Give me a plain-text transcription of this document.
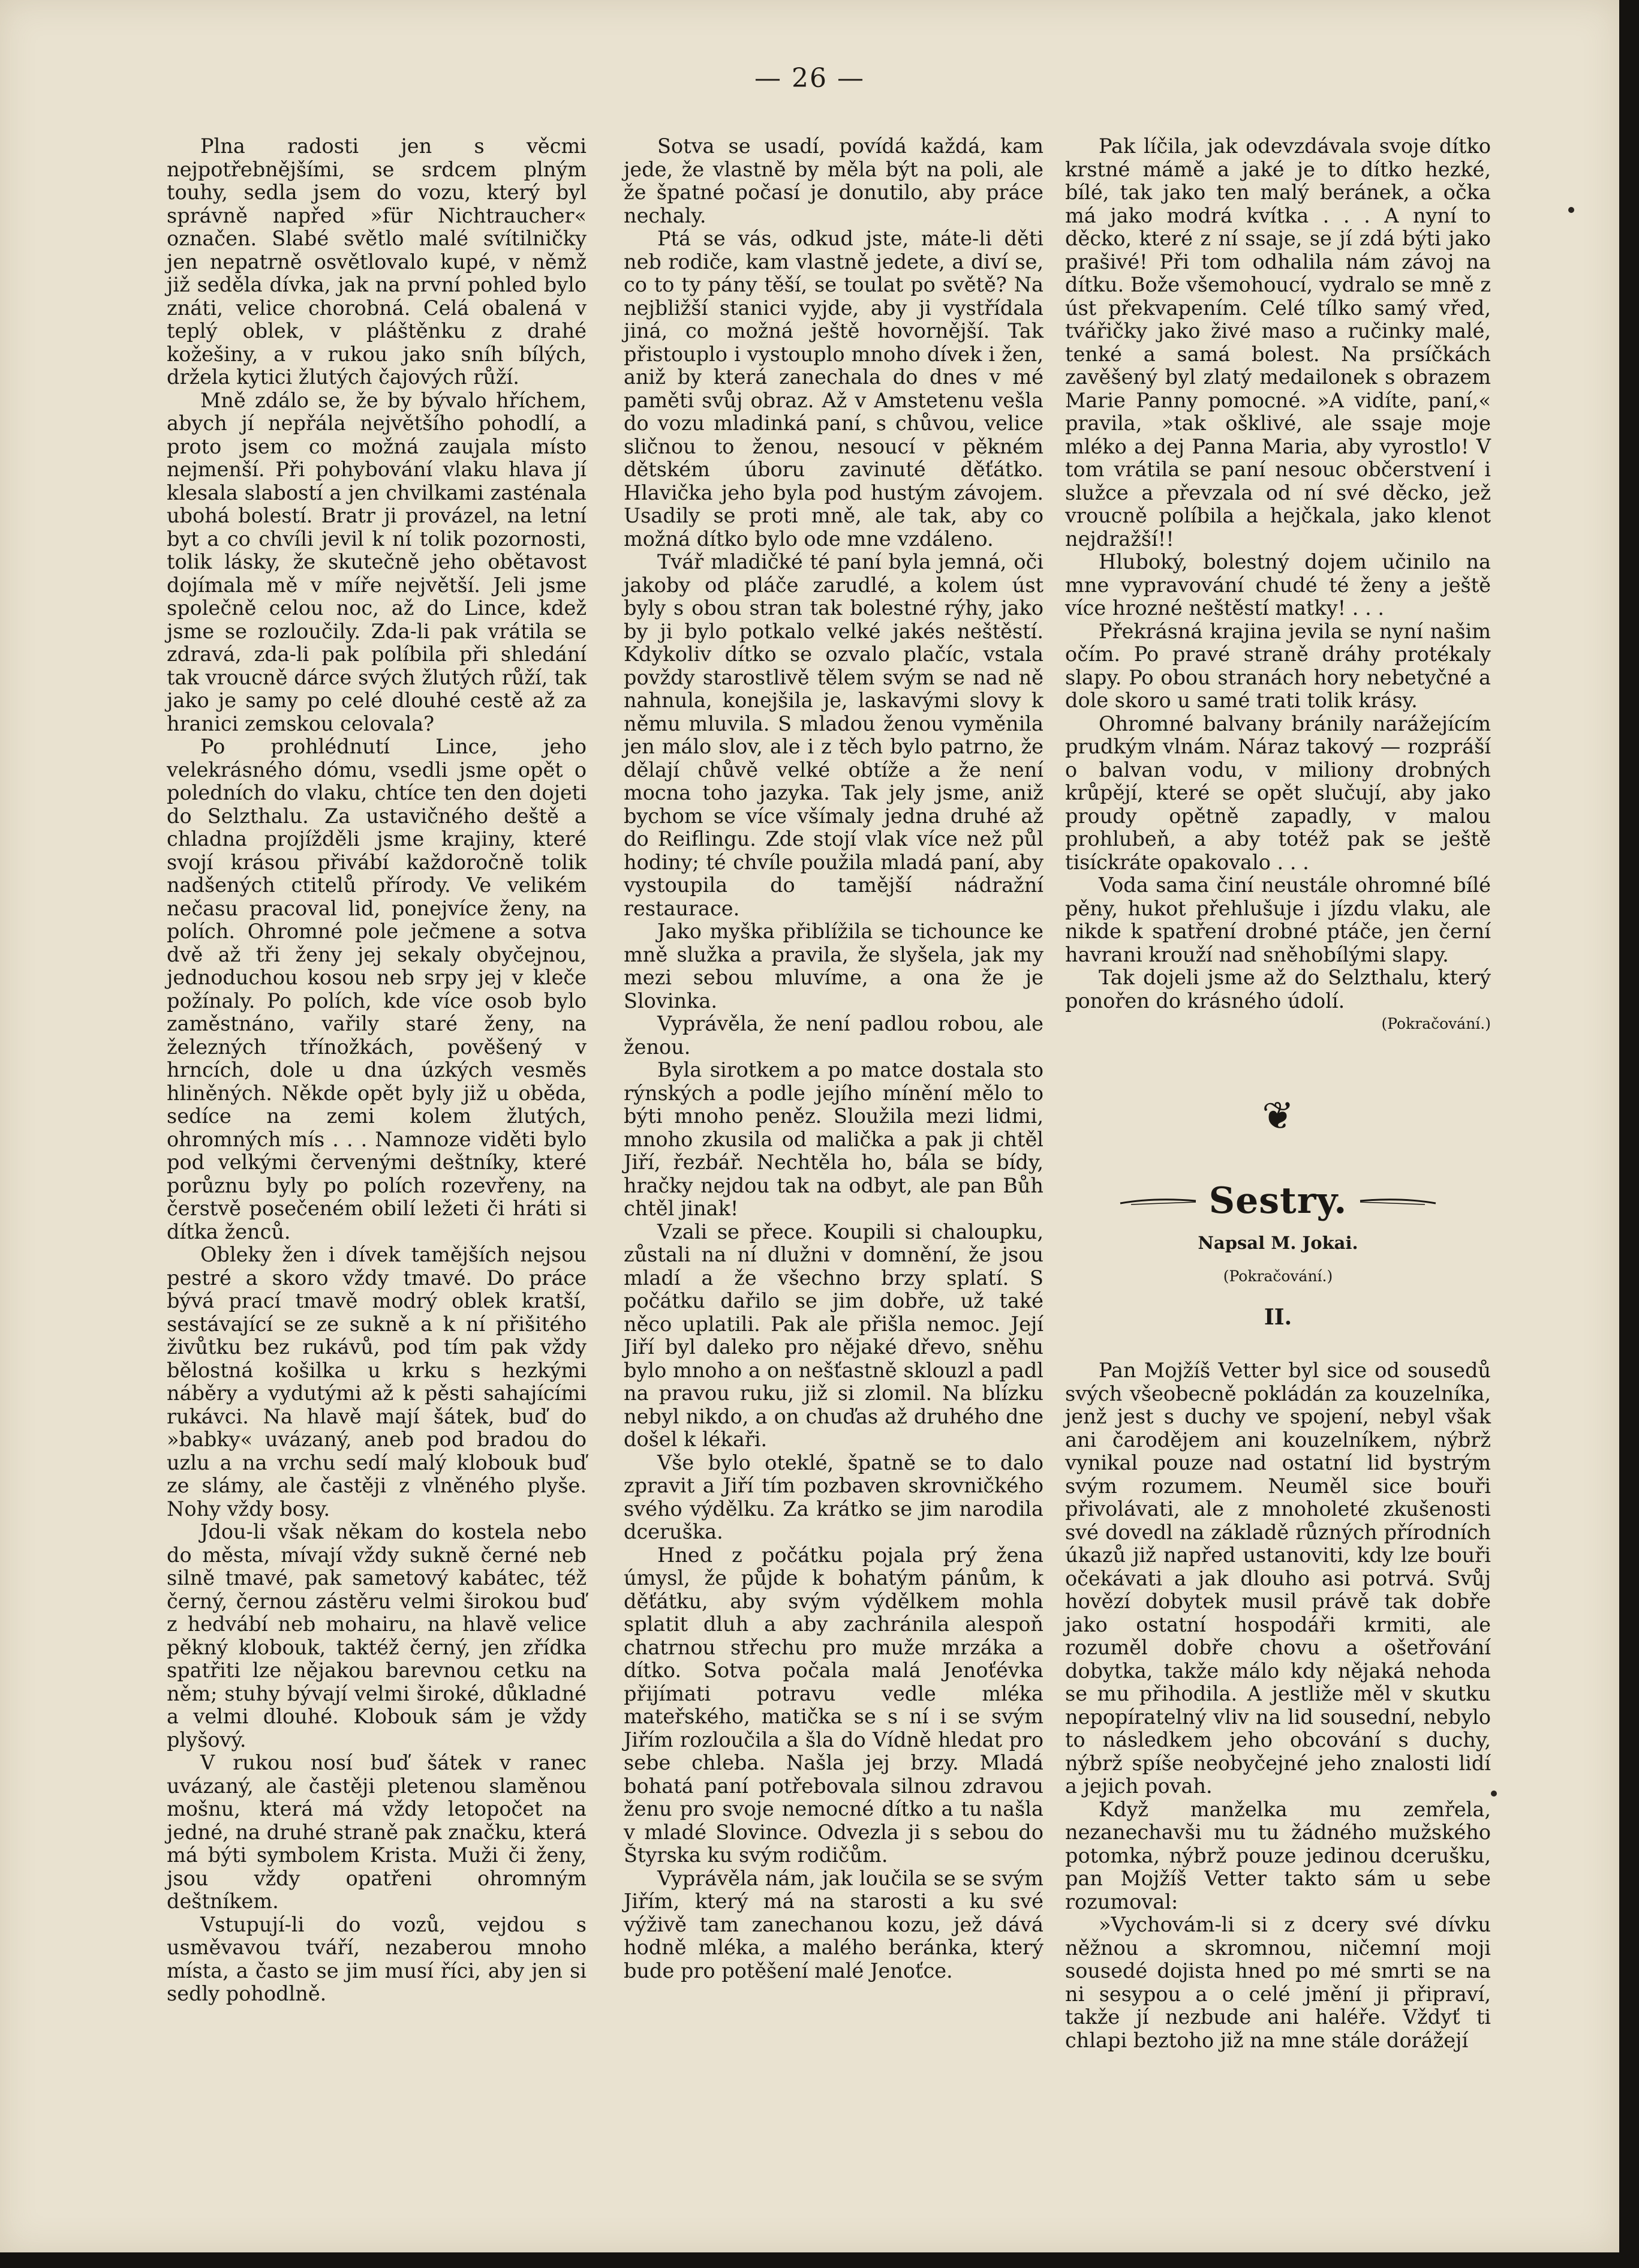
— 26 —

Plna radosti jen s věcmi nejpotřebnějšími, se srdcem plným touhy, sedla jsem do vozu, který byl správně napřed »für Nichtraucher« označen. Slabé světlo malé svítilničky jen nepatrně osvětlovalo kupé, v němž již seděla dívka, jak na první pohled bylo znáti, velice chorobná. Celá obalená v teplý oblek, v pláštěnku z drahé kožešiny, a v rukou jako sníh bílých, držela kytici žlutých čajových růží.

Mně zdálo se, že by bývalo hříchem, abych jí nepřála největšího pohodlí, a proto jsem co možná zaujala místo nejmenší. Při pohybování vlaku hlava jí klesala slabostí a jen chvilkami zasténala ubohá bolestí. Bratr ji provázel, na letní byt a co chvíli jevil k ní tolik pozornosti, tolik lásky, že skutečně jeho obětavost dojímala mě v míře největší. Jeli jsme společně celou noc, až do Lince, kdež jsme se rozloučily. Zda-li pak vrátila se zdravá, zda-li pak políbila při shledání tak vroucně dárce svých žlutých růží, tak jako je samy po celé dlouhé cestě až za hranici zemskou celovala?

Po prohlédnutí Lince, jeho velekrásného dómu, vsedli jsme opět o poledních do vlaku, chtíce ten den dojeti do Selzthalu. Za ustavičného deště a chladna projížděli jsme krajiny, které svojí krásou přivábí každoročně tolik nadšených ctitelů přírody. Ve velikém nečasu pracoval lid, ponejvíce ženy, na polích. Ohromné pole ječmene a sotva dvě až tři ženy jej sekaly obyčejnou, jednoduchou kosou neb srpy jej v kleče požínaly. Po polích, kde více osob bylo zaměstnáno, vařily staré ženy, na železných třínožkách, pověšený v hrncích, dole u dna úzkých vesměs hliněných. Někde opět byly již u oběda, sedíce na zemi kolem žlutých, ohromných mís . . . Namnoze viděti bylo pod velkými červenými deštníky, které porůznu byly po polích rozevřeny, na čerstvě posečeném obilí ležeti či hráti si dítka ženců.

Obleky žen i dívek tamějších nejsou pestré a skoro vždy tmavé. Do práce bývá prací tmavě modrý oblek kratší, sestávající se ze sukně a k ní přišitého živůtku bez rukávů, pod tím pak vždy bělostná košilka u krku s hezkými náběry a vydutými až k pěsti sahajícími rukávci. Na hlavě mají šátek, buď do »babky« uvázaný, aneb pod bradou do uzlu a na vrchu sedí malý klobouk buď ze slámy, ale častěji z vlněného plyše. Nohy vždy bosy.

Jdou-li však někam do kostela nebo do města, mívají vždy sukně černé neb silně tmavé, pak sametový kabátec, též černý, černou zástěru velmi širokou buď z hedvábí neb mohairu, na hlavě velice pěkný klobouk, taktéž černý, jen zřídka spatřiti lze nějakou barevnou cetku na něm; stuhy bývají velmi široké, důkladné a velmi dlouhé. Klobouk sám je vždy plyšový.

V rukou nosí buď šátek v ranec uvázaný, ale častěji pletenou slaměnou mošnu, která má vždy letopočet na jedné, na druhé straně pak značku, která má býti symbolem Krista. Muži či ženy, jsou vždy opatřeni ohromným deštníkem.

Vstupují-li do vozů, vejdou s usměvavou tváří, nezaberou mnoho místa, a často se jim musí říci, aby jen si sedly pohodlně.

Sotva se usadí, povídá každá, kam jede, že vlastně by měla být na poli, ale že špatné počasí je donutilo, aby práce nechaly.

Ptá se vás, odkud jste, máte-li děti neb rodiče, kam vlastně jedete, a diví se, co to ty pány těší, se toulat po světě? Na nejbližší stanici vyjde, aby ji vystřídala jiná, co možná ještě hovornější. Tak přistouplo i vystouplo mnoho dívek i žen, aniž by která zanechala do dnes v mé paměti svůj obraz. Až v Amstetenu vešla do vozu mladinká paní, s chůvou, velice sličnou to ženou, nesoucí v pěkném dětském úboru zavinuté děťátko. Hlavička jeho byla pod hustým závojem. Usadily se proti mně, ale tak, aby co možná dítko bylo ode mne vzdáleno.

Tvář mladičké té paní byla jemná, oči jakoby od pláče zarudlé, a kolem úst byly s obou stran tak bolestné rýhy, jako by ji bylo potkalo velké jakés neštěstí. Kdykoliv dítko se ozvalo plačíc, vstala povždy starostlivě tělem svým se nad ně nahnula, konejšila je, laskavými slovy k němu mluvila. S mladou ženou vyměnila jen málo slov, ale i z těch bylo patrno, že dělají chůvě velké obtíže a že není mocna toho jazyka. Tak jely jsme, aniž bychom se více všímaly jedna druhé až do Reiflingu. Zde stojí vlak více než půl hodiny; té chvíle použila mladá paní, aby vystoupila do tamější nádražní restaurace.

Jako myška přiblížila se tichounce ke mně služka a pravila, že slyšela, jak my mezi sebou mluvíme, a ona že je Slovinka.

Vyprávěla, že není padlou robou, ale ženou.

Byla sirotkem a po matce dostala sto rýnských a podle jejího mínění mělo to býti mnoho peněz. Sloužila mezi lidmi, mnoho zkusila od malička a pak ji chtěl Jiří, řezbář. Nechtěla ho, bála se bídy, hračky nejdou tak na odbyt, ale pan Bůh chtěl jinak!

Vzali se přece. Koupili si chaloupku, zůstali na ní dlužni v domnění, že jsou mladí a že všechno brzy splatí. S počátku dařilo se jim dobře, už také něco uplatili. Pak ale přišla nemoc. Její Jiří byl daleko pro nějaké dřevo, sněhu bylo mnoho a on nešťastně sklouzl a padl na pravou ruku, již si zlomil. Na blízku nebyl nikdo, a on chuďas až druhého dne došel k lékaři.

Vše bylo oteklé, špatně se to dalo zpravit a Jiří tím pozbaven skrovničkého svého výdělku. Za krátko se jim narodila dceruška.

Hned z počátku pojala prý žena úmysl, že půjde k bohatým pánům, k děťátku, aby svým výdělkem mohla splatit dluh a aby zachránila alespoň chatrnou střechu pro muže mrzáka a dítko. Sotva počala malá Jenoťévka přijímati potravu vedle mléka mateřského, matička se s ní i se svým Jiřím rozloučila a šla do Vídně hledat pro sebe chleba. Našla jej brzy. Mladá bohatá paní potřebovala silnou zdravou ženu pro svoje nemocné dítko a tu našla v mladé Slovince. Odvezla ji s sebou do Štyrska ku svým rodičům.

Vyprávěla nám, jak loučila se se svým Jiřím, který má na starosti a ku své výživě tam zanechanou kozu, jež dává hodně mléka, a malého beránka, který bude pro potěšení malé Jenoťce.

Pak líčila, jak odevzdávala svoje dítko krstné mámě a jaké je to dítko hezké, bílé, tak jako ten malý beránek, a očka má jako modrá kvítka . . . A nyní to děcko, které z ní ssaje, se jí zdá býti jako prašivé! Při tom odhalila nám závoj na dítku. Bože všemohoucí, vydralo se mně z úst překvapením. Celé tílko samý vřed, tvářičky jako živé maso a ručinky malé, tenké a samá bolest. Na prsíčkách zavěšený byl zlatý medailonek s obrazem Marie Panny pomocné. »A vidíte, paní,« pravila, »tak ošklivé, ale ssaje moje mléko a dej Panna Maria, aby vyrostlo! V tom vrátila se paní nesouc občerstvení i služce a převzala od ní své děcko, jež vroucně políbila a hejčkala, jako klenot nejdražší!!

Hluboký, bolestný dojem učinilo na mne vypravování chudé té ženy a ještě více hrozné neštěstí matky! . . .

Překrásná krajina jevila se nyní našim očím. Po pravé straně dráhy protékaly slapy. Po obou stranách hory nebetyčné a dole skoro u samé trati tolik krásy.

Ohromné balvany bránily narážejícím prudkým vlnám. Náraz takový — rozpráší o balvan vodu, v miliony drobných krůpějí, které se opět slučují, aby jako proudy opětně zapadly, v malou prohlubeň, a aby totéž pak se ještě tisíckráte opakovalo . . .

Voda sama činí neustále ohromné bílé pěny, hukot přehlušuje i jízdu vlaku, ale nikde k spatření drobné ptáče, jen černí havrani krouží nad sněhobílými slapy.

Tak dojeli jsme až do Selzthalu, který ponořen do krásného údolí.

(Pokračování.)

❦
Sestry.
Napsal M. Jokai.
(Pokračování.)
II.

Pan Mojžíš Vetter byl sice od sousedů svých všeobecně pokládán za kouzelníka, jenž jest s duchy ve spojení, nebyl však ani čarodějem ani kouzelníkem, nýbrž vynikal pouze nad ostatní lid bystrým svým rozumem. Neuměl sice bouři přivolávati, ale z mnoholeté zkušenosti své dovedl na základě různých přírodních úkazů již napřed ustanoviti, kdy lze bouři očekávati a jak dlouho asi potrvá. Svůj hovězí dobytek musil právě tak dobře jako ostatní hospodáři krmiti, ale rozuměl dobře chovu a ošetřování dobytka, takže málo kdy nějaká nehoda se mu přihodila. A jestliže měl v skutku nepopíratelný vliv na lid sousední, nebylo to následkem jeho obcování s duchy, nýbrž spíše neobyčejné jeho znalosti lidí a jejich povah.

Když manželka mu zemřela, nezanechavši mu tu žádného mužského potomka, nýbrž pouze jedinou dcerušku, pan Mojžíš Vetter takto sám u sebe rozumoval:

»Vychovám-li si z dcery své dívku něžnou a skromnou, ničemní moji sousedé dojista hned po mé smrti se na ni sesypou a o celé jmění ji připraví, takže jí nezbude ani haléře. Vždyť ti chlapi beztoho již na mne stále dorážejí
